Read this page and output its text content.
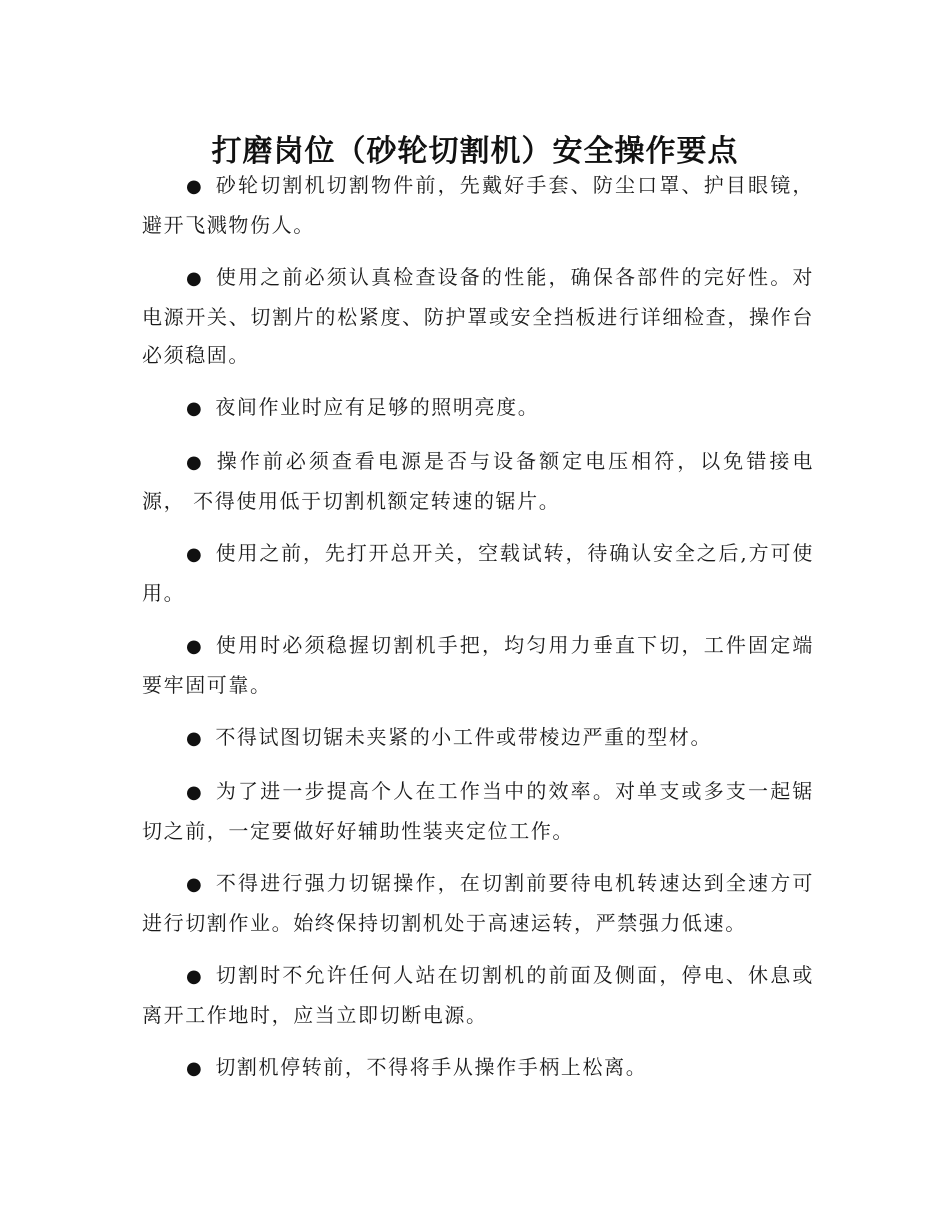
打磨岗位（砂轮切割机）安全操作要点

● 砂轮切割机切割物件前，先戴好手套、防尘口罩、护目眼镜，避开飞溅物伤人。

● 使用之前必须认真检查设备的性能，确保各部件的完好性。对电源开关、切割片的松紧度、防护罩或安全挡板进行详细检查，操作台必须稳固。

● 夜间作业时应有足够的照明亮度。

● 操作前必须查看电源是否与设备额定电压相符，以免错接电源， 不得使用低于切割机额定转速的锯片。

● 使用之前，先打开总开关，空载试转，待确认安全之后,方可使用。

● 使用时必须稳握切割机手把，均匀用力垂直下切，工件固定端要牢固可靠。

● 不得试图切锯未夹紧的小工件或带棱边严重的型材。

● 为了进一步提高个人在工作当中的效率。对单支或多支一起锯切之前，一定要做好好辅助性装夹定位工作。

● 不得进行强力切锯操作，在切割前要待电机转速达到全速方可进行切割作业。始终保持切割机处于高速运转，严禁强力低速。

● 切割时不允许任何人站在切割机的前面及侧面，停电、休息或离开工作地时，应当立即切断电源。

● 切割机停转前，不得将手从操作手柄上松离。
